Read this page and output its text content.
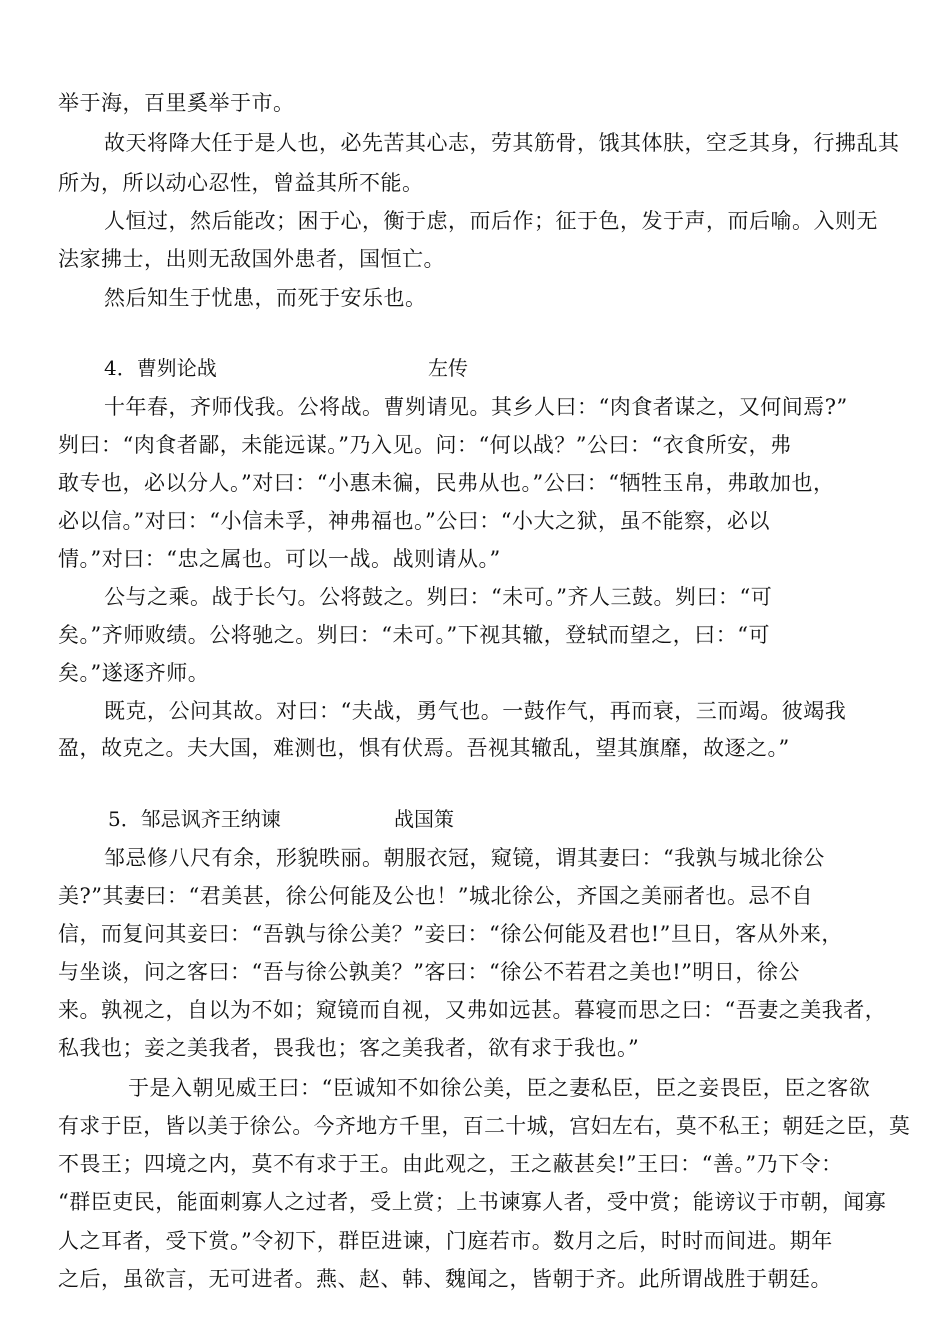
举于海，百里奚举于市。
故天将降大任于是人也，必先苦其心志，劳其筋骨，饿其体肤，空乏其身，行拂乱其
所为，所以动心忍性，曾益其所不能。
人恒过，然后能改；困于心，衡于虑，而后作；征于色，发于声，而后喻。入则无
法家拂士，出则无敌国外患者，国恒亡。
然后知生于忧患，而死于安乐也。
4．曹刿论战	左传
十年春，齐师伐我。公将战。曹刿请见。其乡人曰：“肉食者谋之，又何间焉?”
刿曰：“肉食者鄙，未能远谋。”乃入见。问：“何以战？”公曰：“衣食所安，弗
敢专也，必以分人。”对曰：“小惠未徧，民弗从也。”公曰：“牺牲玉帛，弗敢加也，
必以信。”对曰：“小信未孚，神弗福也。”公曰：“小大之狱，虽不能察，必以
情。”对曰：“忠之属也。可以一战。战则请从。”
公与之乘。战于长勺。公将鼓之。刿曰：“未可。”齐人三鼓。刿曰：“可
矣。”齐师败绩。公将驰之。刿曰：“未可。”下视其辙，登轼而望之，曰：“可
矣。”遂逐齐师。
既克，公问其故。对曰：“夫战，勇气也。一鼓作气，再而衰，三而竭。彼竭我
盈，故克之。夫大国，难测也，惧有伏焉。吾视其辙乱，望其旗靡，故逐之。”
5．邹忌讽齐王纳谏	战国策
邹忌修八尺有余，形貌昳丽。朝服衣冠，窥镜，谓其妻曰：“我孰与城北徐公
美?”其妻曰：“君美甚，徐公何能及公也！”城北徐公，齐国之美丽者也。忌不自
信，而复问其妾曰：“吾孰与徐公美？”妾曰：“徐公何能及君也!”旦日，客从外来，
与坐谈，问之客曰：“吾与徐公孰美？”客曰：“徐公不若君之美也!”明日，徐公
来。孰视之，自以为不如；窥镜而自视，又弗如远甚。暮寝而思之曰：“吾妻之美我者，
私我也；妾之美我者，畏我也；客之美我者，欲有求于我也。”
于是入朝见威王曰：“臣诚知不如徐公美，臣之妻私臣，臣之妾畏臣，臣之客欲
有求于臣，皆以美于徐公。今齐地方千里，百二十城，宫妇左右，莫不私王；朝廷之臣，莫
不畏王；四境之内，莫不有求于王。由此观之，王之蔽甚矣!”王曰：“善。”乃下令：
“群臣吏民，能面刺寡人之过者，受上赏；上书谏寡人者，受中赏；能谤议于市朝，闻寡
人之耳者，受下赏。”令初下，群臣进谏，门庭若市。数月之后，时时而间进。期年
之后，虽欲言，无可进者。燕、赵、韩、魏闻之，皆朝于齐。此所谓战胜于朝廷。
